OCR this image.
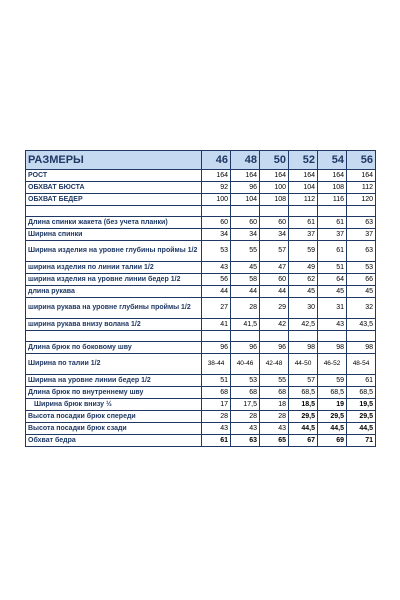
РАЗМЕРЫ	46	48	50	52	54	56
РОСТ	164	164	164	164	164	164
ОБХВАТ БЮСТА	92	96	100	104	108	112
ОБХВАТ БЕДЕР	100	104	108	112	116	120

Длина спинки жакета (без учета планки)	60	60	60	61	61	63
Ширина спинки	34	34	34	37	37	37
Ширина изделия на уровне глубины проймы 1/2	53	55	57	59	61	63
ширина изделия по линии талии 1/2	43	45	47	49	51	53
ширина изделия на уровне линии бедер 1/2	56	58	60	62	64	66
длина рукава	44	44	44	45	45	45
ширина рукава на уровне глубины проймы 1/2	27	28	29	30	31	32
ширина рукава внизу волана 1/2	41	41,5	42	42,5	43	43,5

Длина брюк по боковому шву	96	96	96	98	98	98
Ширина по талии 1/2	38-44	40-46	42-48	44-50	46-52	48-54
Ширина на уровне линии бедер 1/2	51	53	55	57	59	61
Длина брюк по внутреннему шву	68	68	68	68,5	68,5	68,5
Ширина брюк внизу ½	17	17,5	18	18,5	19	19,5
Высота посадки брюк спереди	28	28	28	29,5	29,5	29,5
Высота посадки брюк сзади	43	43	43	44,5	44,5	44,5
Обхват бедра	61	63	65	67	69	71
